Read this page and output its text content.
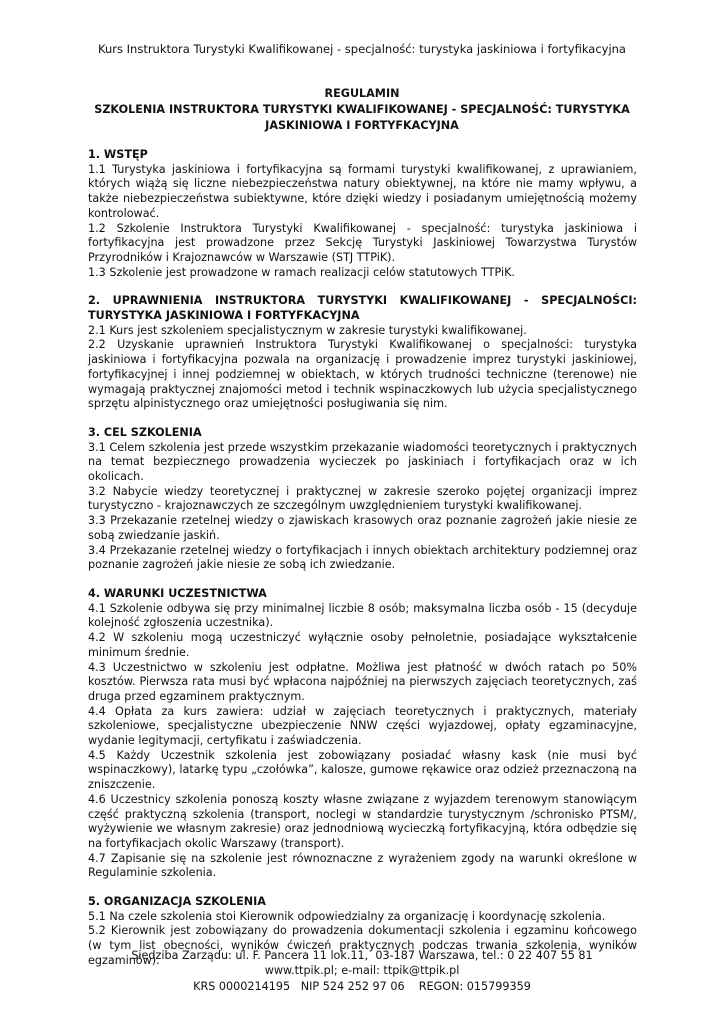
Kurs Instruktora Turystyki Kwalifikowanej - specjalność: turystyka jaskiniowa i fortyfikacyjna
REGULAMIN
SZKOLENIA INSTRUKTORA TURYSTYKI KWALIFIKOWANEJ - SPECJALNOŚĆ: TURYSTYKA JASKINIOWA I FORTYFKACYJNA
1. WSTĘP

1.1 Turystyka jaskiniowa i fortyfikacyjna są formami turystyki kwalifikowanej, z uprawianiem, których wiążą się liczne niebezpieczeństwa natury obiektywnej, na które nie mamy wpływu, a także niebezpieczeństwa subiektywne, które dzięki wiedzy i posiadanym umiejętnością możemy kontrolować.

1.2 Szkolenie Instruktora Turystyki Kwalifikowanej - specjalność: turystyka jaskiniowa i fortyfikacyjna jest prowadzone przez Sekcję Turystyki Jaskiniowej Towarzystwa Turystów Przyrodników i Krajoznawców w Warszawie (STJ TTPiK).

1.3 Szkolenie jest prowadzone w ramach realizacji celów statutowych TTPiK.

2. UPRAWNIENIA INSTRUKTORA TURYSTYKI KWALIFIKOWANEJ - SPECJALNOŚCI: TURYSTYKA JASKINIOWA I FORTYFKACYJNA

2.1 Kurs jest szkoleniem specjalistycznym w zakresie turystyki kwalifikowanej.

2.2 Uzyskanie uprawnień Instruktora Turystyki Kwalifikowanej o specjalności: turystyka jaskiniowa i fortyfikacyjna pozwala na organizację i prowadzenie imprez turystyki jaskiniowej, fortyfikacyjnej i innej podziemnej w obiektach, w których trudności techniczne (terenowe) nie wymagają praktycznej znajomości metod i technik wspinaczkowych lub użycia specjalistycznego sprzętu alpinistycznego oraz umiejętności posługiwania się nim.

3. CEL SZKOLENIA

3.1 Celem szkolenia jest przede wszystkim przekazanie wiadomości teoretycznych i praktycznych na temat bezpiecznego prowadzenia wycieczek po jaskiniach i fortyfikacjach oraz w ich okolicach.

3.2 Nabycie wiedzy teoretycznej i praktycznej w zakresie szeroko pojętej organizacji imprez turystyczno - krajoznawczych ze szczególnym uwzględnieniem turystyki kwalifikowanej.

3.3 Przekazanie rzetelnej wiedzy o zjawiskach krasowych oraz poznanie zagrożeń jakie niesie ze sobą zwiedzanie jaskiń.

3.4 Przekazanie rzetelnej wiedzy o fortyfikacjach i innych obiektach architektury podziemnej oraz poznanie zagrożeń jakie niesie ze sobą ich zwiedzanie.

4. WARUNKI UCZESTNICTWA

4.1 Szkolenie odbywa się przy minimalnej liczbie 8 osób; maksymalna liczba osób - 15 (decyduje kolejność zgłoszenia uczestnika).

4.2 W szkoleniu mogą uczestniczyć wyłącznie osoby pełnoletnie, posiadające wykształcenie minimum średnie.

4.3 Uczestnictwo w szkoleniu jest odpłatne. Możliwa jest płatność w dwóch ratach po 50% kosztów. Pierwsza rata musi być wpłacona najpóźniej na pierwszych zajęciach teoretycznych, zaś druga przed egzaminem praktycznym.

4.4 Opłata za kurs zawiera: udział w zajęciach teoretycznych i praktycznych, materiały szkoleniowe, specjalistyczne ubezpieczenie NNW części wyjazdowej, opłaty egzaminacyjne, wydanie legitymacji, certyfikatu i zaświadczenia.

4.5 Każdy Uczestnik szkolenia jest zobowiązany posiadać własny kask (nie musi być wspinaczkowy), latarkę typu „czołówka”, kalosze, gumowe rękawice oraz odzież przeznaczoną na zniszczenie.

4.6 Uczestnicy szkolenia ponoszą koszty własne związane z wyjazdem terenowym stanowiącym część praktyczną szkolenia (transport, noclegi w standardzie turystycznym /schronisko PTSM/, wyżywienie we własnym zakresie) oraz jednodniową wycieczką fortyfikacyjną, która odbędzie się na fortyfikacjach okolic Warszawy (transport).

4.7 Zapisanie się na szkolenie jest równoznaczne z wyrażeniem zgody na warunki określone w Regulaminie szkolenia.

5. ORGANIZACJA SZKOLENIA

5.1 Na czele szkolenia stoi Kierownik odpowiedzialny za organizację i koordynację szkolenia.

5.2 Kierownik jest zobowiązany do prowadzenia dokumentacji szkolenia i egzaminu końcowego (w tym list obecności, wyników ćwiczeń praktycznych podczas trwania szkolenia, wyników egzaminów).

Siedziba Zarządu: ul. F. Pancera 11 lok.11,  03-187 Warszawa, tel.: 0 22 407 55 81
www.ttpik.pl; e-mail: ttpik@ttpik.pl
KRS 0000214195   NIP 524 252 97 06    REGON: 015799359
